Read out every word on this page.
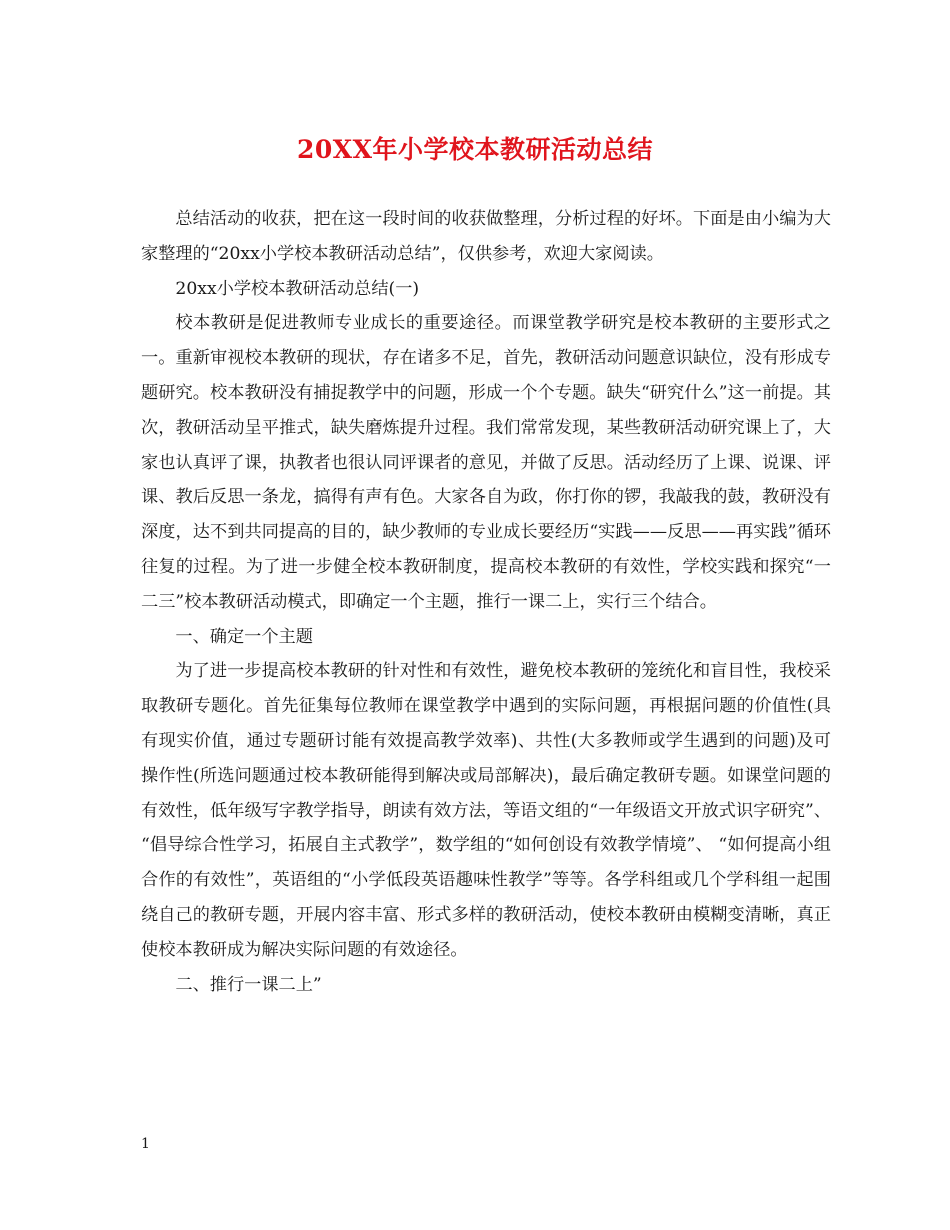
20XX年小学校本教研活动总结

总结活动的收获，把在这一段时间的收获做整理，分析过程的好坏。下面是由小编为大家整理的“20xx小学校本教研活动总结”，仅供参考，欢迎大家阅读。

20xx小学校本教研活动总结(一)

校本教研是促进教师专业成长的重要途径。而课堂教学研究是校本教研的主要形式之一。重新审视校本教研的现状，存在诸多不足，首先，教研活动问题意识缺位，没有形成专题研究。校本教研没有捕捉教学中的问题，形成一个个专题。缺失“研究什么”这一前提。其次，教研活动呈平推式，缺失磨炼提升过程。我们常常发现，某些教研活动研究课上了，大家也认真评了课，执教者也很认同评课者的意见，并做了反思。活动经历了上课、说课、评课、教后反思一条龙，搞得有声有色。大家各自为政，你打你的锣，我敲我的鼓，教研没有深度，达不到共同提高的目的，缺少教师的专业成长要经历“实践——反思——再实践”循环往复的过程。为了进一步健全校本教研制度，提高校本教研的有效性，学校实践和探究“一二三”校本教研活动模式，即确定一个主题，推行一课二上，实行三个结合。

一、确定一个主题

为了进一步提高校本教研的针对性和有效性，避免校本教研的笼统化和盲目性，我校采取教研专题化。首先征集每位教师在课堂教学中遇到的实际问题，再根据问题的价值性(具有现实价值，通过专题研讨能有效提高教学效率)、共性(大多教师或学生遇到的问题)及可操作性(所选问题通过校本教研能得到解决或局部解决)，最后确定教研专题。如课堂问题的有效性，低年级写字教学指导，朗读有效方法，等语文组的“一年级语文开放式识字研究”、 “倡导综合性学习，拓展自主式教学”，数学组的“如何创设有效教学情境”、 “如何提高小组合作的有效性”，英语组的“小学低段英语趣味性教学”等等。各学科组或几个学科组一起围绕自己的教研专题，开展内容丰富、形式多样的教研活动，使校本教研由模糊变清晰，真正使校本教研成为解决实际问题的有效途径。

二、推行一课二上”

1
